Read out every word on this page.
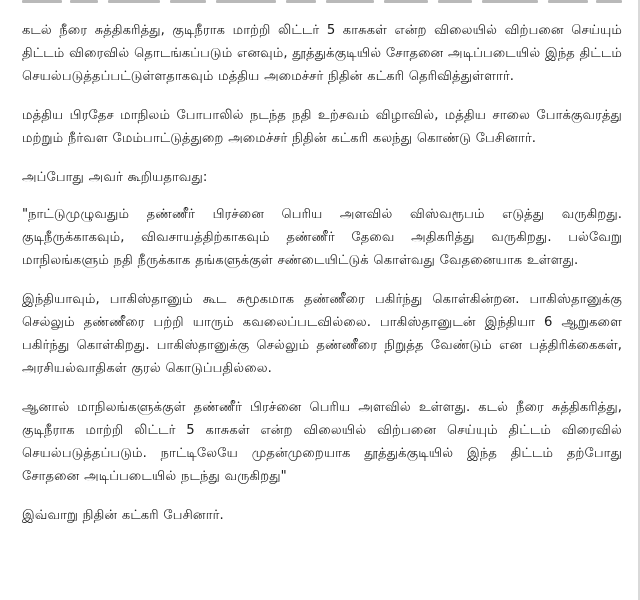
கடல் நீரை சுத்திகரித்து, குடிநீராக மாற்றி லிட்டர் 5 காசுகள் என்ற விலையில் விற்பனை செய்யும் திட்டம் விரைவில் தொடங்கப்படும் எனவும், தூத்துக்குடியில் சோதனை அடிப்படையில் இந்த திட்டம் செயல்படுத்தப்பட்டுள்ளதாகவும் மத்திய அமைச்சர் நிதின் கட்கரி தெரிவித்துள்ளார்.

மத்திய பிரதேச மாநிலம் போபாலில் நடந்த நதி உற்சவம் விழாவில், மத்திய சாலை போக்குவரத்து மற்றும் நீர்வள மேம்பாட்டுத்துறை அமைச்சர் நிதின் கட்கரி கலந்து கொண்டு பேசினார்.

அப்போது அவர் கூறியதாவது:

"நாட்டுமுழுவதும் தண்ணீர் பிரச்னை பெரிய அளவில் விஸ்வரூபம் எடுத்து வருகிறது. குடிநீருக்காகவும், விவசாயத்திற்காகவும் தண்ணீர் தேவை அதிகரித்து வருகிறது. பல்வேறு மாநிலங்களும் நதி நீருக்காக தங்களுக்குள் சண்டையிட்டுக் கொள்வது வேதனையாக உள்ளது.

இந்தியாவும், பாகிஸ்தானும் கூட சுமூகமாக தண்ணீரை பகிர்ந்து கொள்கின்றன. பாகிஸ்தானுக்கு செல்லும் தண்ணீரை பற்றி யாரும் கவலைப்படவில்லை. பாகிஸ்தானுடன் இந்தியா 6 ஆறுகளை பகிர்ந்து கொள்கிறது. பாகிஸ்தானுக்கு செல்லும் தண்ணீரை நிறுத்த வேண்டும் என பத்திரிக்கைகள், அரசியல்வாதிகள் குரல் கொடுப்பதில்லை.

ஆனால் மாநிலங்களுக்குள் தண்ணீர் பிரச்னை பெரிய அளவில் உள்ளது. கடல் நீரை சுத்திகரித்து, குடிநீராக மாற்றி லிட்டர் 5 காசுகள் என்ற விலையில் விற்பனை செய்யும் திட்டம் விரைவில் செயல்படுத்தப்படும். நாட்டிலேயே முதன்முறையாக தூத்துக்குடியில் இந்த திட்டம் தற்போது சோதனை அடிப்படையில் நடந்து வருகிறது"

இவ்வாறு நிதின் கட்கரி பேசினார்.
